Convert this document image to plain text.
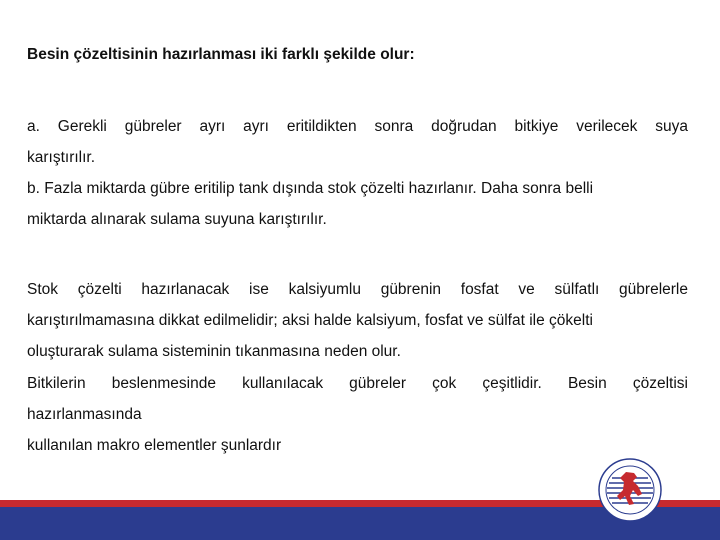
Besin çözeltisinin hazırlanması iki farklı şekilde olur:

a. Gerekli gübreler ayrı ayrı eritildikten sonra doğrudan bitkiye verilecek suya

karıştırılır.

b. Fazla miktarda gübre eritilip tank dışında stok çözelti hazırlanır. Daha sonra belli

miktarda alınarak sulama suyuna karıştırılır.

Stok çözelti hazırlanacak ise kalsiyumlu gübrenin fosfat ve sülfatlı gübrelerle

karıştırılmamasına dikkat edilmelidir; aksi halde kalsiyum, fosfat ve sülfat ile çökelti

oluşturarak sulama sisteminin tıkanmasına neden olur.

Bitkilerin beslenmesinde kullanılacak gübreler çok çeşitlidir. Besin çözeltisi

hazırlanmasında

kullanılan makro elementler şunlardır
